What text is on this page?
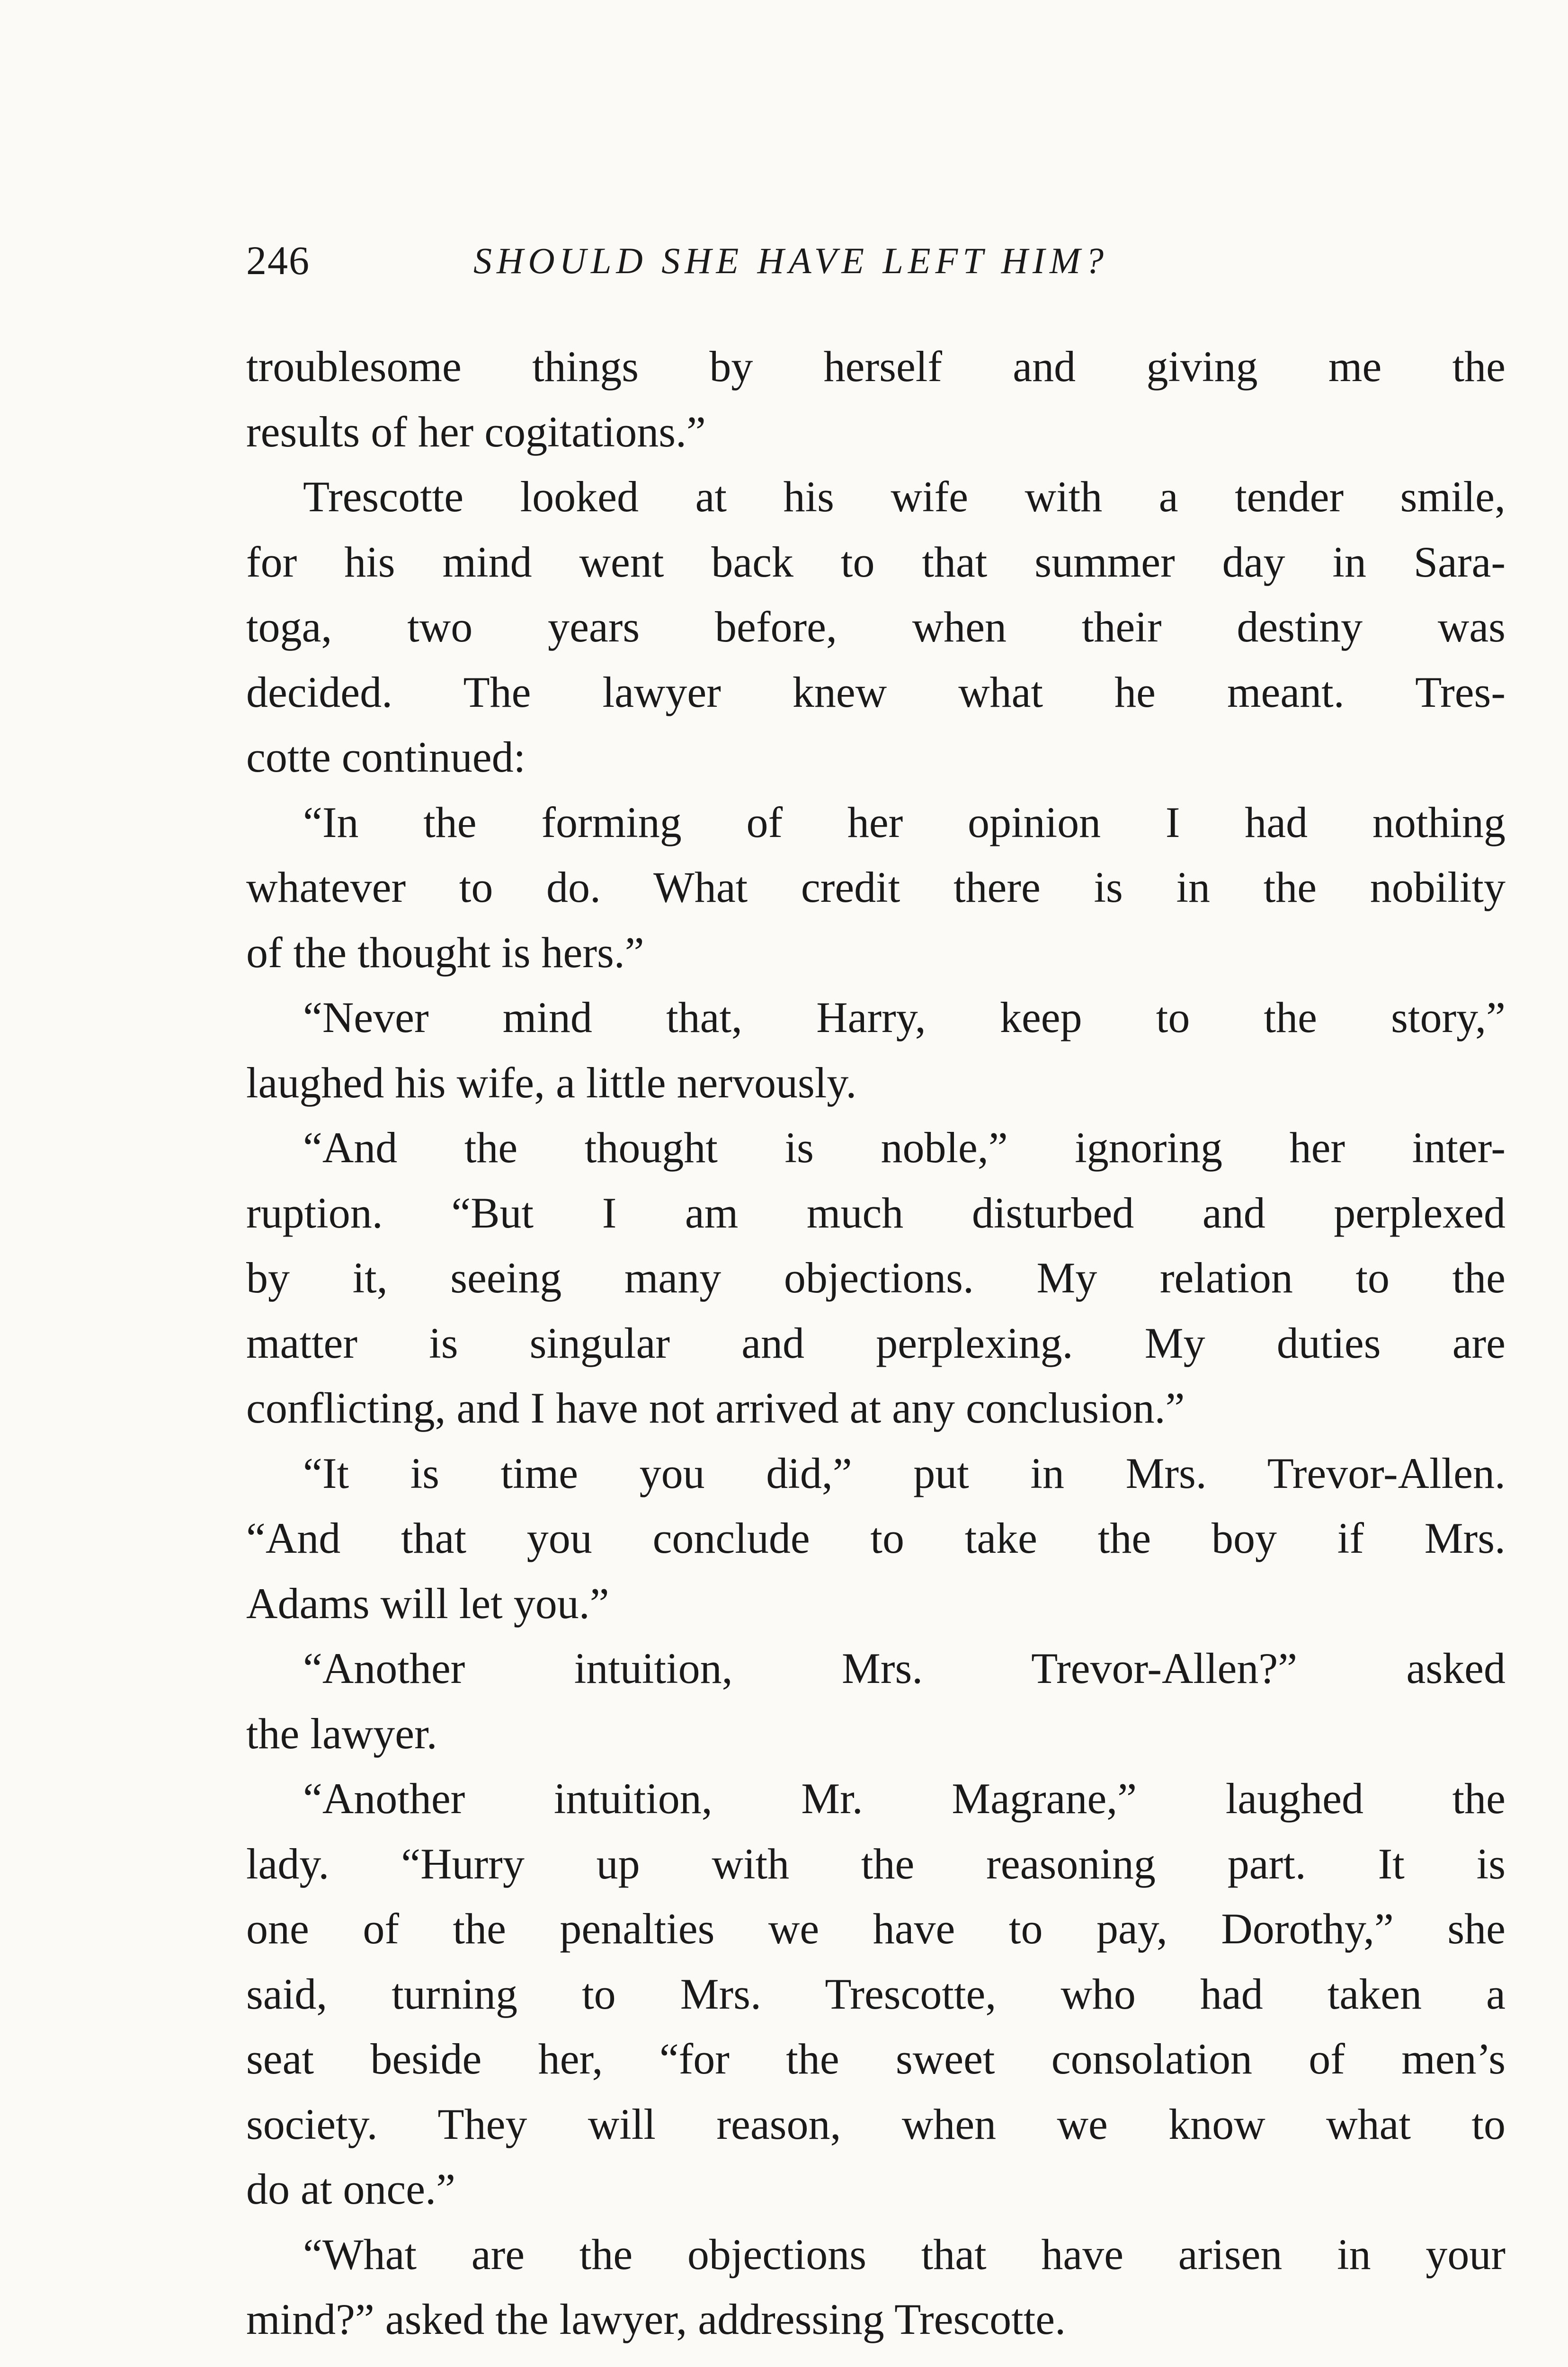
246	SHOULD SHE HAVE LEFT HIM?
troublesome things by herself and giving me the
results of her cogitations.”
Trescotte looked at his wife with a tender smile,
for his mind went back to that summer day in Sara-
toga, two years before, when their destiny was
decided. The lawyer knew what he meant. Tres-
cotte continued:
“In the forming of her opinion I had nothing
whatever to do. What credit there is in the nobility
of the thought is hers.”
“Never mind that, Harry, keep to the story,”
laughed his wife, a little nervously.
“And the thought is noble,” ignoring her inter-
ruption. “But I am much disturbed and perplexed
by it, seeing many objections. My relation to the
matter is singular and perplexing. My duties are
conflicting, and I have not arrived at any conclusion.”
“It is time you did,” put in Mrs. Trevor-Allen.
“And that you conclude to take the boy if Mrs.
Adams will let you.”
“Another intuition, Mrs. Trevor-Allen?” asked
the lawyer.
“Another intuition, Mr. Magrane,” laughed the
lady. “Hurry up with the reasoning part. It is
one of the penalties we have to pay, Dorothy,” she
said, turning to Mrs. Trescotte, who had taken a
seat beside her, “for the sweet consolation of men’s
society. They will reason, when we know what to
do at once.”
“What are the objections that have arisen in your
mind?” asked the lawyer, addressing Trescotte.
